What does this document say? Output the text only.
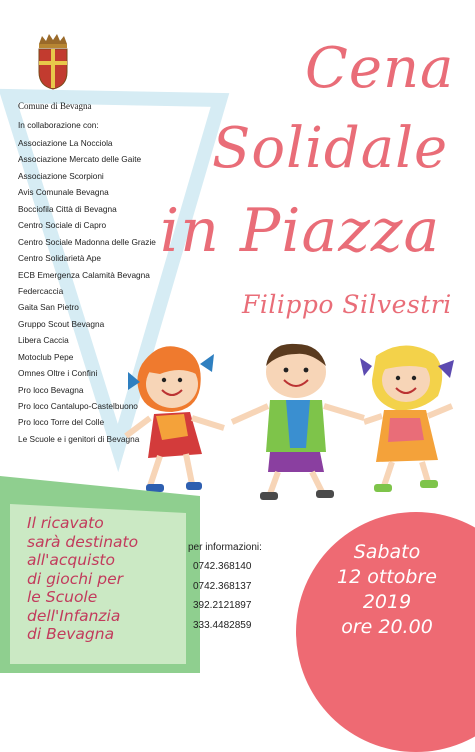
Comune di Bevagna
In collaborazione con:
Associazione La Nocciola
Associazione Mercato delle Gaite
Associazione Scorpioni
Avis Comunale Bevagna
Bocciofila Città di Bevagna
Centro Sociale di Capro
Centro Sociale Madonna delle Grazie
Centro Solidarietà Ape
ECB Emergenza Calamità Bevagna
Federcaccia
Gaita San Pietro
Gruppo Scout Bevagna
Libera Caccia
Motoclub Pepe
Omnes Oltre i Confini
Pro loco Bevagna
Pro loco Cantalupo-Castelbuono
Pro loco Torre del Colle
Le Scuole e i genitori di Bevagna
Cena
Solidale
in Piazza
Filippo Silvestri
Il ricavato
sarà destinato
all'acquisto
di giochi per
le Scuole
dell'Infanzia
di Bevagna
per informazioni:
0742.368140
0742.368137
392.2121897
333.4482859
Sabato
12 ottobre
2019
ore 20.00
